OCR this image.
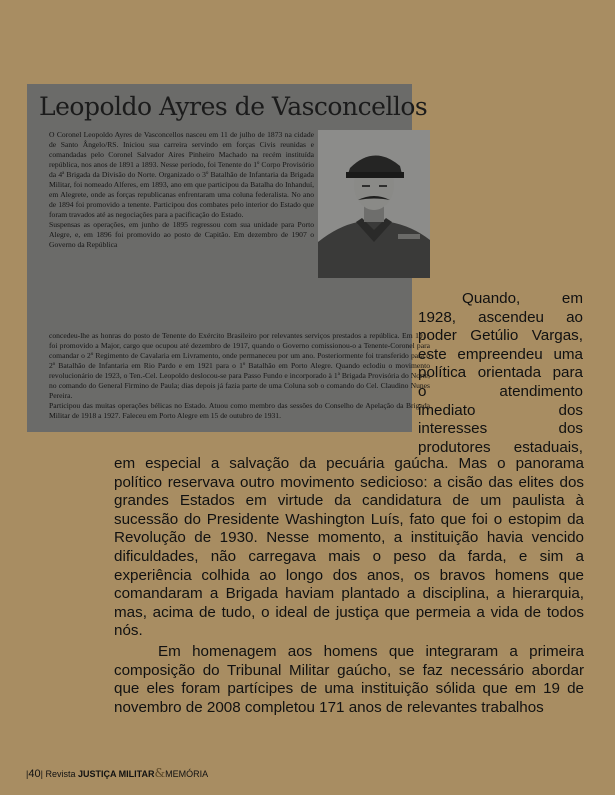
Leopoldo Ayres de Vasconcellos

O Coronel Leopoldo Ayres de Vasconcellos nasceu em 11 de julho de 1873 na cidade de Santo Ângelo/RS. Iniciou sua carreira servindo em forças Civis reunidas e comandadas pelo Coronel Salvador Aires Pinheiro Machado na recém instituída república, nos anos de 1891 a 1893. Nesse período, foi Tenente do 1º Corpo Provisório da 4ª Brigada da Divisão do Norte. Organizado o 3º Batalhão de Infantaria da Brigada Militar, foi nomeado Alferes, em 1893, ano em que participou da Batalha do Inhanduí, em Alegrete, onde as forças republicanas enfrentaram uma coluna federalista. No ano de 1894 foi promovido a tenente. Participou dos combates pelo interior do Estado que foram travados até as negociações para a pacificação do Estado.

Suspensas as operações, em junho de 1895 regressou com sua unidade para Porto Alegre, e, em 1896 foi promovido ao posto de Capitão. Em dezembro de 1907 o Governo da República

concedeu-lhe as honras do posto de Tenente do Exército Brasileiro por relevantes serviços prestados a república. Em 1911 foi promovido a Major, cargo que ocupou até dezembro de 1917, quando o Governo comissionou-o a Tenente-Coronel para comandar o 2º Regimento de Cavalaria em Livramento, onde permaneceu por um ano. Posteriormente foi transferido para o 2º Batalhão de Infantaria em Rio Pardo e em 1921 para o 1º Batalhão em Porto Alegre. Quando eclodiu o movimento revolucionário de 1923, o Ten.-Cel. Leopoldo deslocou-se para Passo Fundo e incorporado à 1ª Brigada Provisória do Norte, no comando do General Firmino de Paula; dias depois já fazia parte de uma Coluna sob o comando do Cel. Claudino Nunes Pereira.

Participou das muitas operações bélicas no Estado. Atuou como membro das sessões do Conselho de Apelação da Brigada Militar de 1918 a 1927. Faleceu em Porto Alegre em 15 de outubro de 1931.

Quando, em
1928, ascendeu ao
poder Getúlio Vargas,
este empreendeu uma
política orientada para
o atendimento
imediato dos
interesses dos
produtores estaduais,

em especial a salvação da pecuária gaúcha. Mas o panorama político reservava outro movimento sedicioso: a cisão das elites dos grandes Estados em virtude da candidatura de um paulista à sucessão do Presidente Washington Luís, fato que foi o estopim da Revolução de 1930. Nesse momento, a instituição havia vencido dificuldades, não carregava mais o peso da farda, e sim a experiência colhida ao longo dos anos, os bravos homens que comandaram a Brigada haviam plantado a disciplina, a hierarquia, mas, acima de tudo, o ideal de justiça que permeia a vida de todos nós.

Em homenagem aos homens que integraram a primeira composição do Tribunal Militar gaúcho, se faz necessário abordar que eles foram partícipes de uma instituição sólida que em 19 de novembro de 2008 completou 171 anos de relevantes trabalhos

|40| Revista JUSTIÇA MILITAR&MEMÓRIA
